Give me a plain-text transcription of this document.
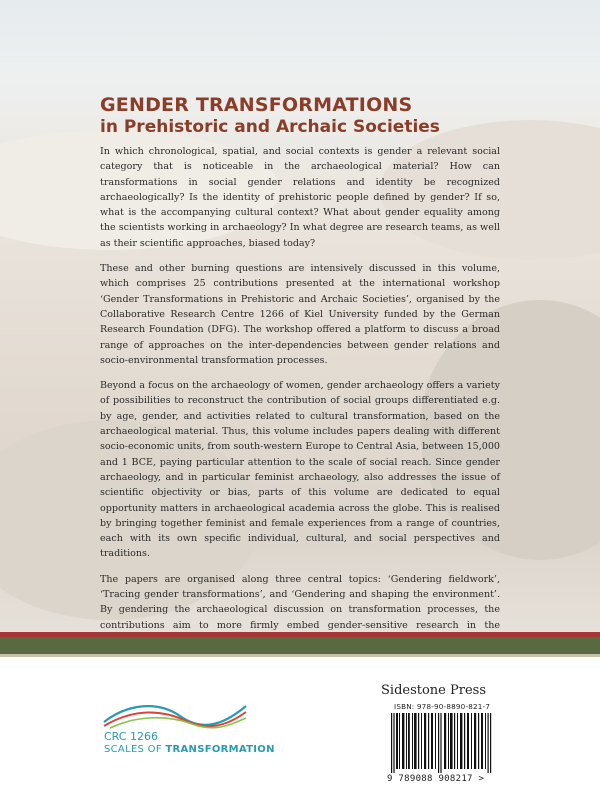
GENDER TRANSFORMATIONS
in Prehistoric and Archaic Societies

In which chronological, spatial, and social contexts is gender a relevant social category that is noticeable in the archaeological material? How can transformations in social gender relations and identity be recognized archaeologically? Is the identity of prehistoric people defined by gender? If so, what is the accompanying cultural context? What about gender equality among the scientists working in archaeology? In what degree are research teams, as well as their scientific approaches, biased today?

These and other burning questions are intensively discussed in this volume, which comprises 25 contributions presented at the international workshop ‘Gender Transformations in Prehistoric and Archaic Societies’, organised by the Collaborative Research Centre 1266 of Kiel University funded by the German Research Foundation (DFG). The workshop offered a platform to discuss a broad range of approaches on the inter-dependencies between gender relations and socio-environmental transformation processes.

Beyond a focus on the archaeology of women, gender archaeology offers a variety of possibilities to reconstruct the contribution of social groups differentiated e.g. by age, gender, and activities related to cultural transformation, based on the archaeological material. Thus, this volume includes papers dealing with different socio-economic units, from south-western Europe to Central Asia, between 15,000 and 1 BCE, paying particular attention to the scale of social reach. Since gender archaeology, and in particular feminist archaeology, also addresses the issue of scientific objectivity or bias, parts of this volume are dedicated to equal opportunity matters in archaeological academia across the globe. This is realised by bringing together feminist and female experiences from a range of countries, each with its own specific individual, cultural, and social perspectives and traditions.

The papers are organised along three central topics: ‘Gendering fieldwork’, ‘Tracing gender transformations’, and ‘Gendering and shaping the environment’. By gendering the archaeological discussion on transformation processes, the contributions aim to more firmly embed gender-sensitive research in the

CRC 1266
SCALES OF TRANSFORMATION
Sidestone Press
ISBN: 978-90-8890-821-7
9 789088 908217 >
